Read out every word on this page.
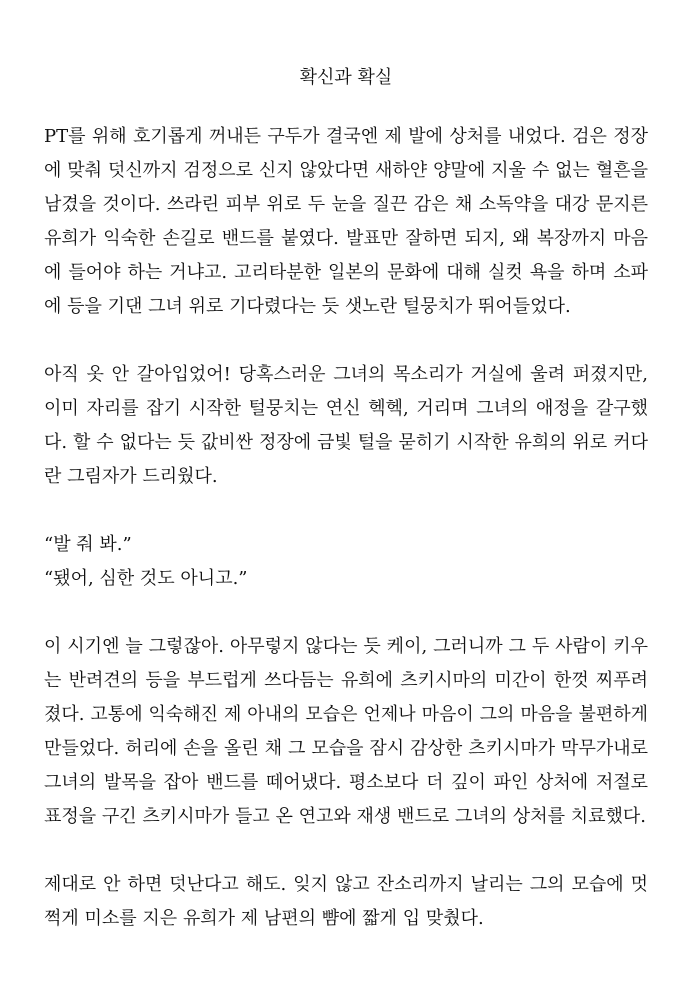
확신과 확실

PT를 위해 호기롭게 꺼내든 구두가 결국엔 제 발에 상처를 내었다. 검은 정장에 맞춰 덧신까지 검정으로 신지 않았다면 새하얀 양말에 지울 수 없는 혈흔을 남겼을 것이다. 쓰라린 피부 위로 두 눈을 질끈 감은 채 소독약을 대강 문지른 유희가 익숙한 손길로 밴드를 붙였다. 발표만 잘하면 되지, 왜 복장까지 마음에 들어야 하는 거냐고. 고리타분한 일본의 문화에 대해 실컷 욕을 하며 소파에 등을 기댄 그녀 위로 기다렸다는 듯 샛노란 털뭉치가 뛰어들었다.

아직 옷 안 갈아입었어! 당혹스러운 그녀의 목소리가 거실에 울려 퍼졌지만, 이미 자리를 잡기 시작한 털뭉치는 연신 헥헥, 거리며 그녀의 애정을 갈구했다. 할 수 없다는 듯 값비싼 정장에 금빛 털을 묻히기 시작한 유희의 위로 커다란 그림자가 드리웠다.

“발 줘 봐.”

“됐어, 심한 것도 아니고.”

이 시기엔 늘 그렇잖아. 아무렇지 않다는 듯 케이, 그러니까 그 두 사람이 키우는 반려견의 등을 부드럽게 쓰다듬는 유희에 츠키시마의 미간이 한껏 찌푸려졌다. 고통에 익숙해진 제 아내의 모습은 언제나 마음이 그의 마음을 불편하게 만들었다. 허리에 손을 올린 채 그 모습을 잠시 감상한 츠키시마가 막무가내로 그녀의 발목을 잡아 밴드를 떼어냈다. 평소보다 더 깊이 파인 상처에 저절로 표정을 구긴 츠키시마가 들고 온 연고와 재생 밴드로 그녀의 상처를 치료했다.

제대로 안 하면 덧난다고 해도. 잊지 않고 잔소리까지 날리는 그의 모습에 멋쩍게 미소를 지은 유희가 제 남편의 뺨에 짧게 입 맞췄다.
